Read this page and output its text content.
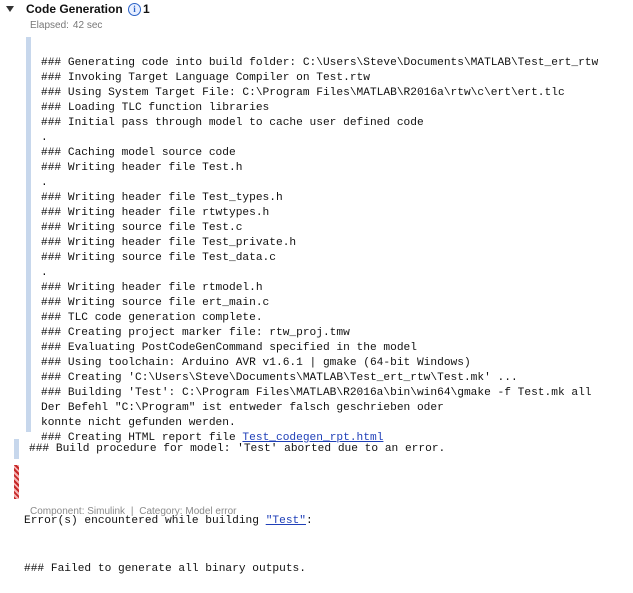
Code Generation	i 1
Elapsed: 42 sec

### Generating code into build folder: C:\Users\Steve\Documents\MATLAB\Test_ert_rtw
### Invoking Target Language Compiler on Test.rtw
### Using System Target File: C:\Program Files\MATLAB\R2016a\rtw\c\ert\ert.tlc
### Loading TLC function libraries
### Initial pass through model to cache user defined code
.
### Caching model source code
### Writing header file Test.h
.
### Writing header file Test_types.h
### Writing header file rtwtypes.h
### Writing source file Test.c
### Writing header file Test_private.h
### Writing source file Test_data.c
.
### Writing header file rtmodel.h
### Writing source file ert_main.c
### TLC code generation complete.
### Creating project marker file: rtw_proj.tmw
### Evaluating PostCodeGenCommand specified in the model
### Using toolchain: Arduino AVR v1.6.1 | gmake (64-bit Windows)
### Creating 'C:\Users\Steve\Documents\MATLAB\Test_ert_rtw\Test.mk' ...
### Building 'Test': C:\Program Files\MATLAB\R2016a\bin\win64\gmake -f Test.mk all
Der Befehl "C:\Program" ist entweder falsch geschrieben oder
konnte nicht gefunden werden.
### Creating HTML report file Test_codegen_rpt.html

### Build procedure for model: 'Test' aborted due to an error.

Error(s) encountered while building "Test":

### Failed to generate all binary outputs.

Component: Simulink | Category: Model error
